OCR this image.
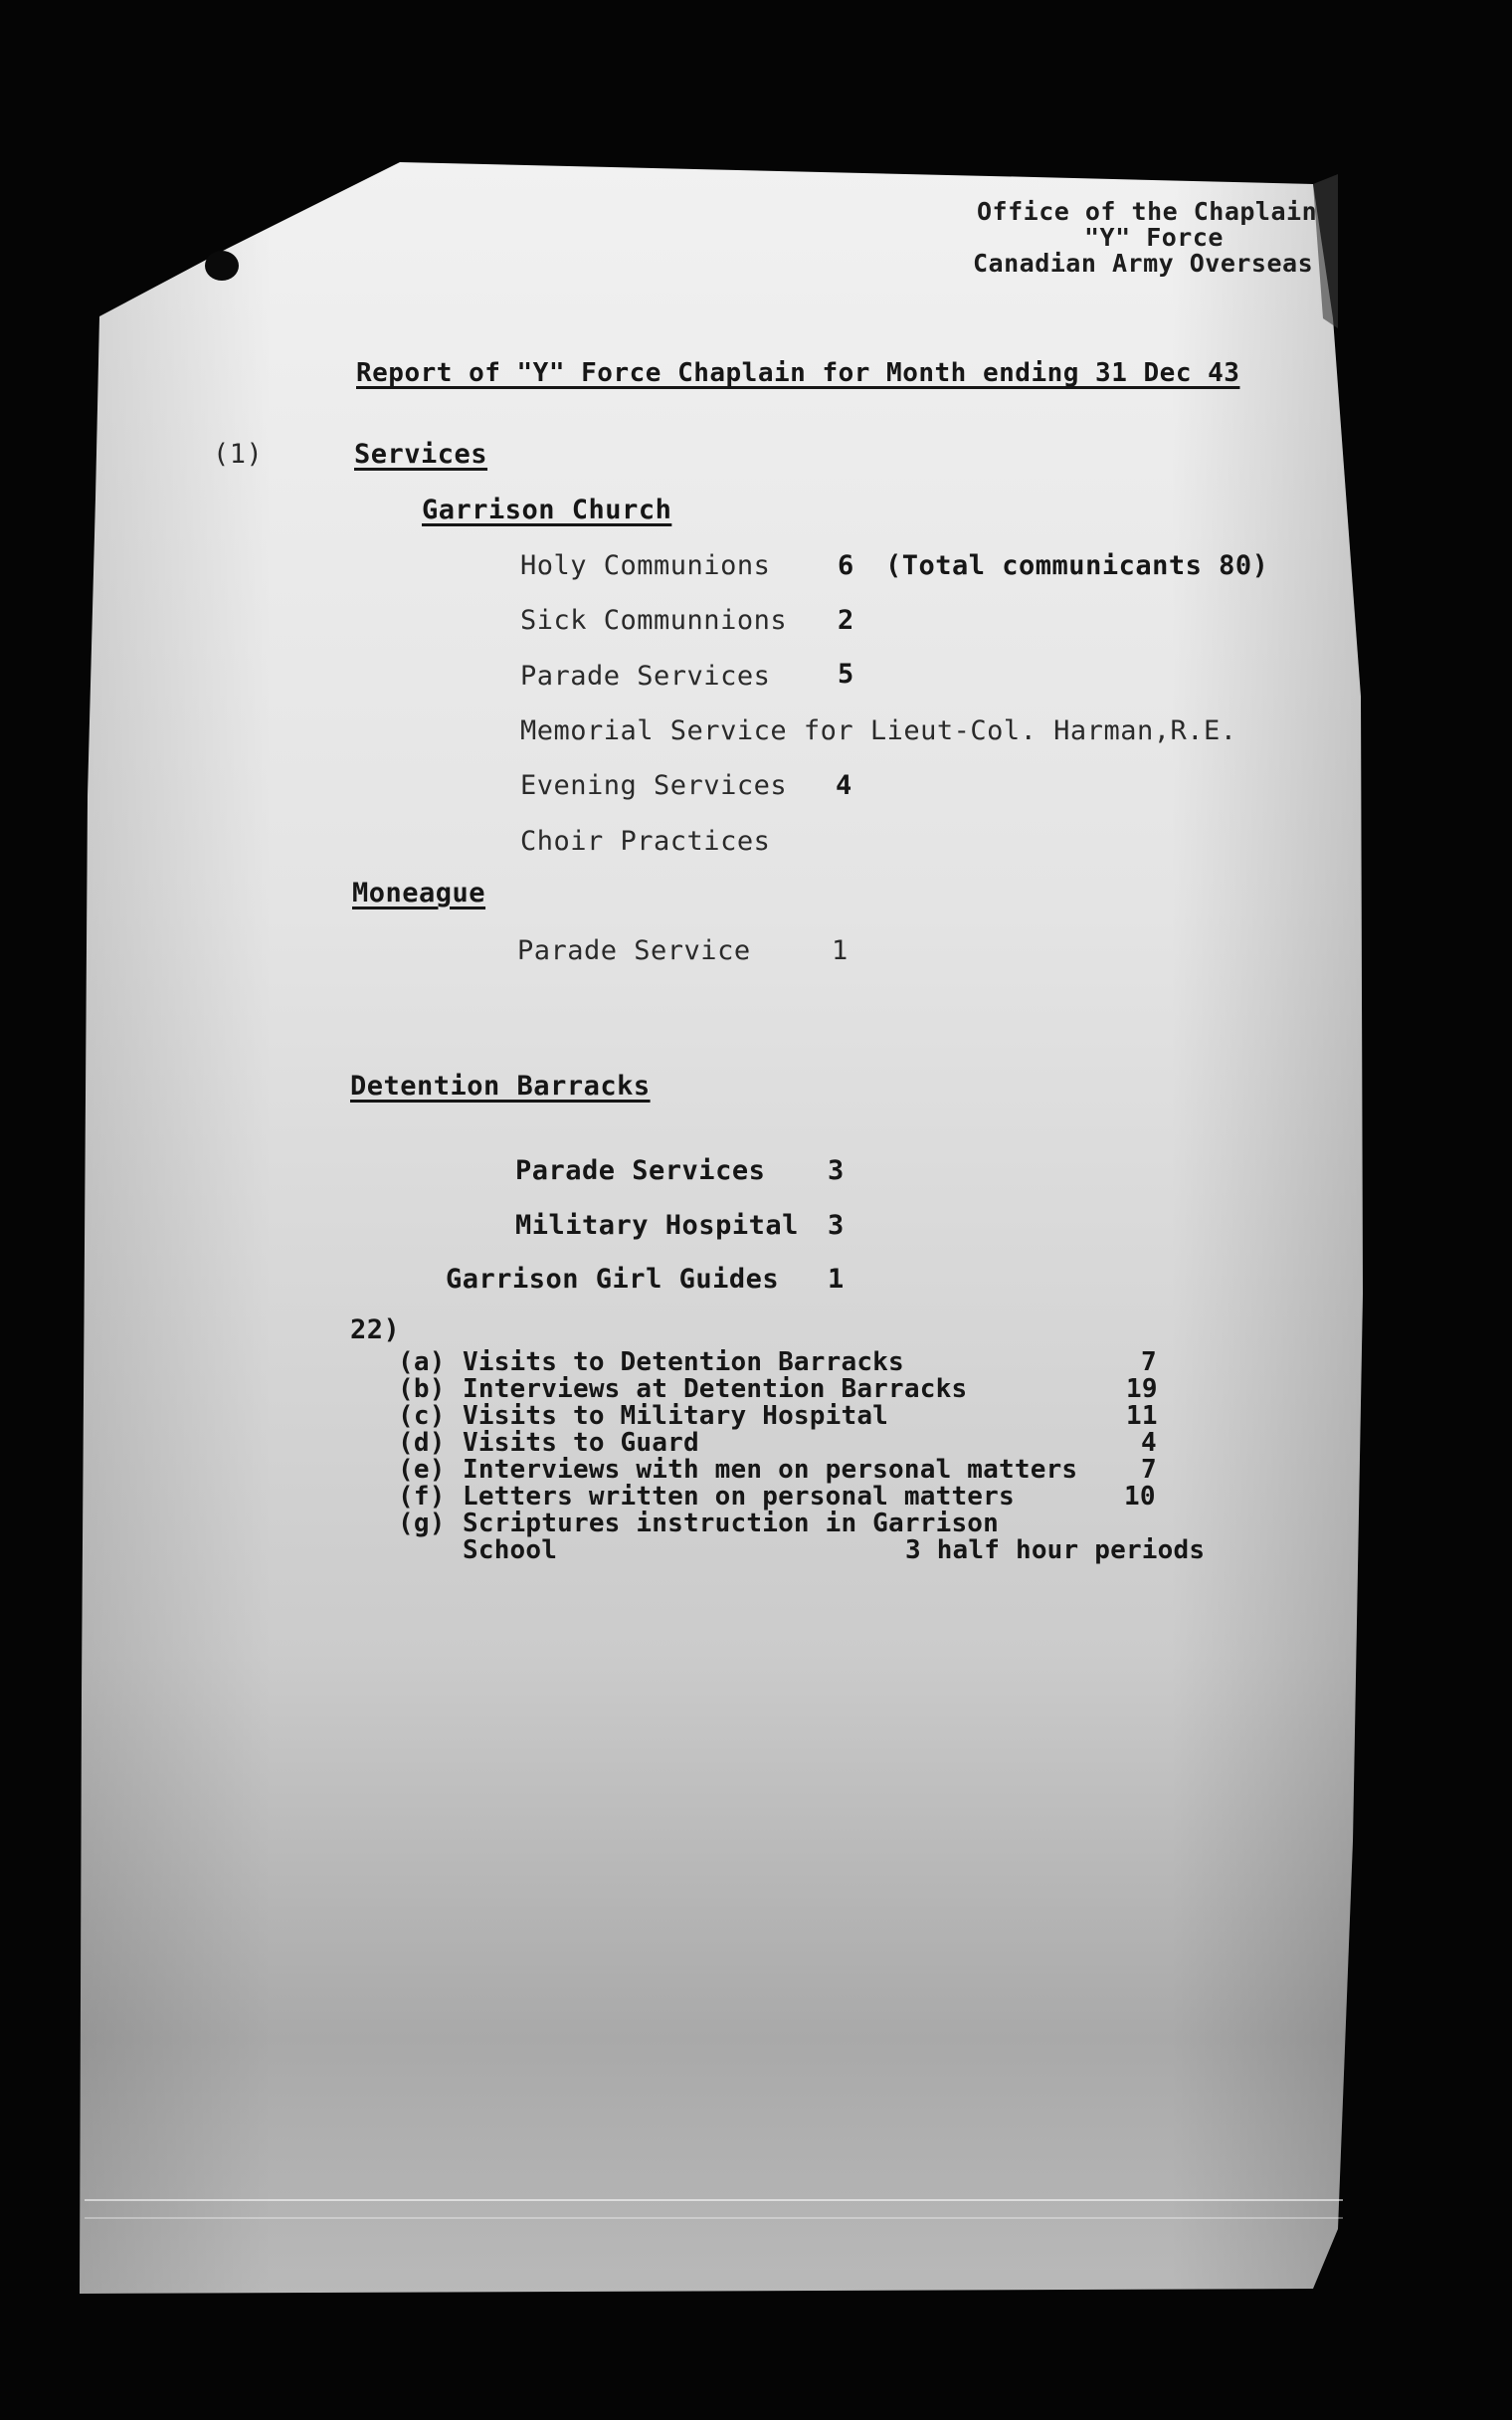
Office of the Chaplain
"Y" Force
Canadian Army Overseas
Report of "Y" Force Chaplain for Month ending 31 Dec 43
(1)	Services
Garrison Church
Holy Communions	6 (Total communicants 80)
Sick Communnions 2
Parade Services	5
Memorial Service for Lieut-Col. Harman,R.E.
Evening Services 4
Choir Practices
Moneague
Parade Service	1
Detention Barracks
Parade Services 3
Military Hospital 3
Garrison Girl Guides 1
22)
(a) Visits to Detention Barracks	7
(b) Interviews at Detention Barracks	19
(c) Visits to Military Hospital	11
(d) Visits to Guard	4
(e) Interviews with men on personal matters 7
(f) Letters written on personal matters	10
(g) Scriptures instruction in Garrison
School	3 half hour periods
